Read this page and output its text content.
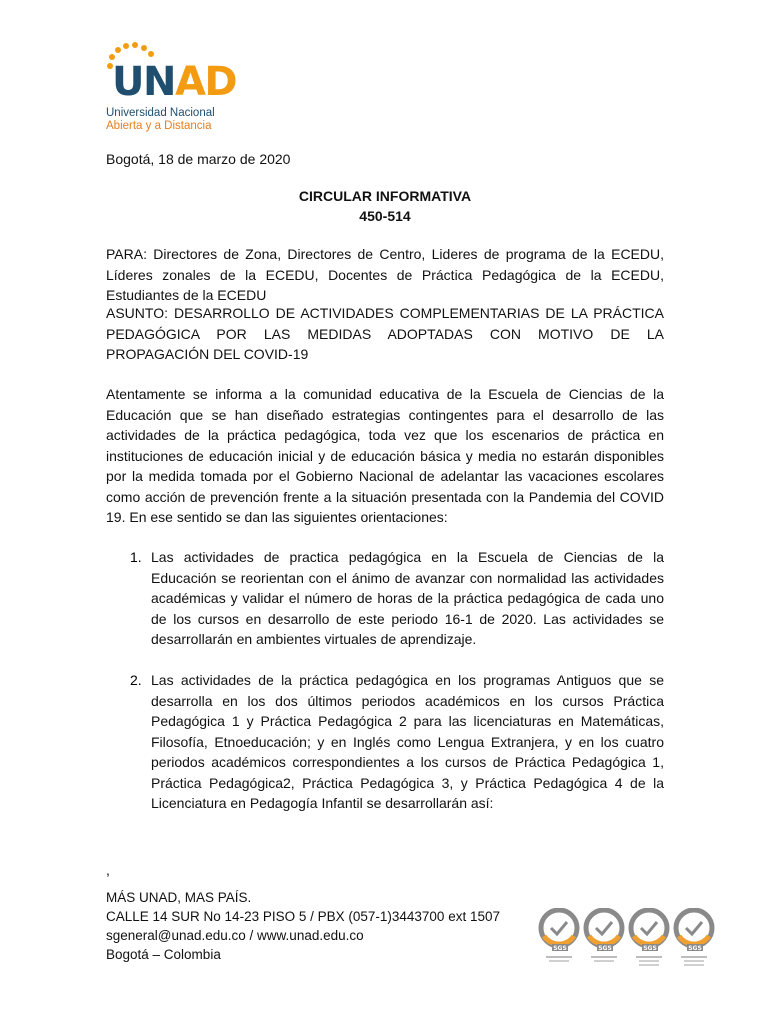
UNAD
Universidad Nacional
Abierta y a Distancia
Bogotá, 18 de marzo de 2020
CIRCULAR INFORMATIVA
450-514
PARA: Directores de Zona, Directores de Centro, Lideres de programa de la ECEDU, Líderes zonales de la ECEDU, Docentes de Práctica Pedagógica de la ECEDU, Estudiantes de la ECEDU
ASUNTO: DESARROLLO DE ACTIVIDADES COMPLEMENTARIAS DE LA PRÁCTICA PEDAGÓGICA POR LAS MEDIDAS ADOPTADAS CON MOTIVO DE LA PROPAGACIÓN DEL COVID-19
Atentamente se informa a la comunidad educativa de la Escuela de Ciencias de la Educación que se han diseñado estrategias contingentes para el desarrollo de las actividades de la práctica pedagógica, toda vez que los escenarios de práctica en instituciones de educación inicial y de educación básica y media no estarán disponibles por la medida tomada por el Gobierno Nacional de adelantar las vacaciones escolares como acción de prevención frente a la situación presentada con la Pandemia del COVID 19. En ese sentido se dan las siguientes orientaciones:
1. Las actividades de practica pedagógica en la Escuela de Ciencias de la Educación se reorientan con el ánimo de avanzar con normalidad las actividades académicas y validar el número de horas de la práctica pedagógica de cada uno de los cursos en desarrollo de este periodo 16-1 de 2020. Las actividades se desarrollarán en ambientes virtuales de aprendizaje.
2. Las actividades de la práctica pedagógica en los programas Antiguos que se desarrolla en los dos últimos periodos académicos en los cursos Práctica Pedagógica 1 y Práctica Pedagógica 2 para las licenciaturas en Matemáticas, Filosofía, Etnoeducación; y en Inglés como Lengua Extranjera, y en los cuatro periodos académicos correspondientes a los cursos de Práctica Pedagógica 1, Práctica Pedagógica2, Práctica Pedagógica 3, y Práctica Pedagógica 4 de la Licenciatura en Pedagogía Infantil se desarrollarán así:
,
MÁS UNAD, MAS PAÍS.
CALLE 14 SUR No 14-23 PISO 5 / PBX (057-1)3443700 ext 1507
sgeneral@unad.edu.co / www.unad.edu.co
Bogotá – Colombia	SGS	SGS	SGS	SGS
